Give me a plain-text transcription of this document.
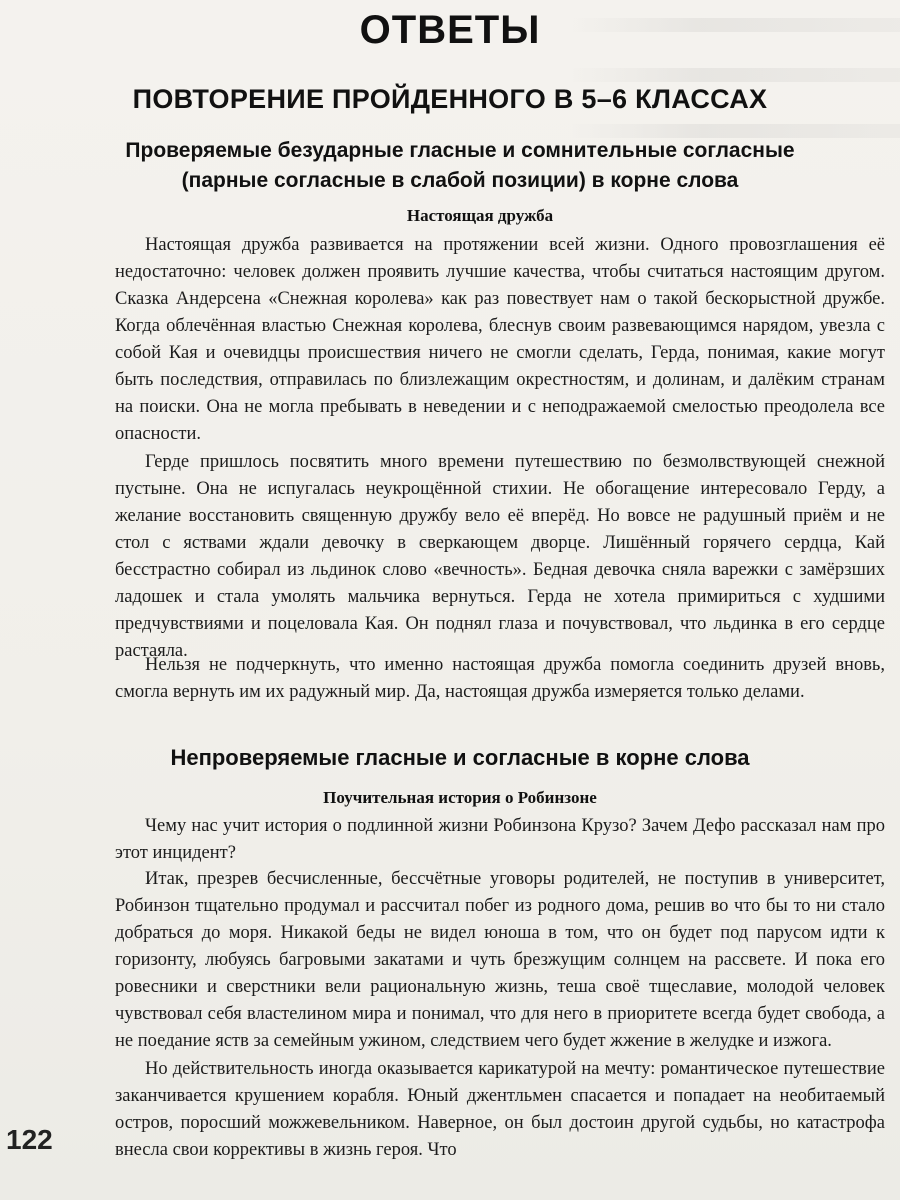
ОТВЕТЫ
ПОВТОРЕНИЕ ПРОЙДЕННОГО В 5–6 КЛАССАХ
Проверяемые безударные гласные и сомнительные согласные
(парные согласные в слабой позиции) в корне слова
Настоящая дружба

Настоящая дружба развивается на протяжении всей жизни. Одного провозглашения её недостаточно: человек должен проявить лучшие качества, чтобы считаться настоящим другом. Сказка Андерсена «Снежная королева» как раз повествует нам о такой бескорыстной дружбе. Когда облечённая властью Снежная королева, блеснув своим развевающимся нарядом, увезла с собой Кая и очевидцы происшествия ничего не смогли сделать, Герда, понимая, какие могут быть последствия, отправилась по близлежащим окрестностям, и долинам, и далёким странам на поиски. Она не могла пребывать в неведении и с неподражаемой смелостью преодолела все опасности.

Герде пришлось посвятить много времени путешествию по безмолвствующей снежной пустыне. Она не испугалась неукрощённой стихии. Не обогащение интересовало Герду, а желание восстановить священную дружбу вело её вперёд. Но вовсе не радушный приём и не стол с яствами ждали девочку в сверкающем дворце. Лишённый горячего сердца, Кай бесстрастно собирал из льдинок слово «вечность». Бедная девочка сняла варежки с замёрзших ладошек и стала умолять мальчика вернуться. Герда не хотела примириться с худшими предчувствиями и поцеловала Кая. Он поднял глаза и почувствовал, что льдинка в его сердце растаяла.

Нельзя не подчеркнуть, что именно настоящая дружба помогла соединить друзей вновь, смогла вернуть им их радужный мир. Да, настоящая дружба измеряется только делами.

Непроверяемые гласные и согласные в корне слова
Поучительная история о Робинзоне

Чему нас учит история о подлинной жизни Робинзона Крузо? Зачем Дефо рассказал нам про этот инцидент?

Итак, презрев бесчисленные, бессчётные уговоры родителей, не поступив в университет, Робинзон тщательно продумал и рассчитал побег из родного дома, решив во что бы то ни стало добраться до моря. Никакой беды не видел юноша в том, что он будет под парусом идти к горизонту, любуясь багровыми закатами и чуть брезжущим солнцем на рассвете. И пока его ровесники и сверстники вели рациональную жизнь, теша своё тщеславие, молодой человек чувствовал себя властелином мира и понимал, что для него в приоритете всегда будет свобода, а не поедание яств за семейным ужином, следствием чего будет жжение в желудке и изжога.

Но действительность иногда оказывается карикатурой на мечту: романтическое путешествие заканчивается крушением корабля. Юный джентльмен спасается и попадает на необитаемый остров, поросший можжевельником. Наверное, он был достоин другой судьбы, но катастрофа внесла свои коррективы в жизнь героя. Что

122
